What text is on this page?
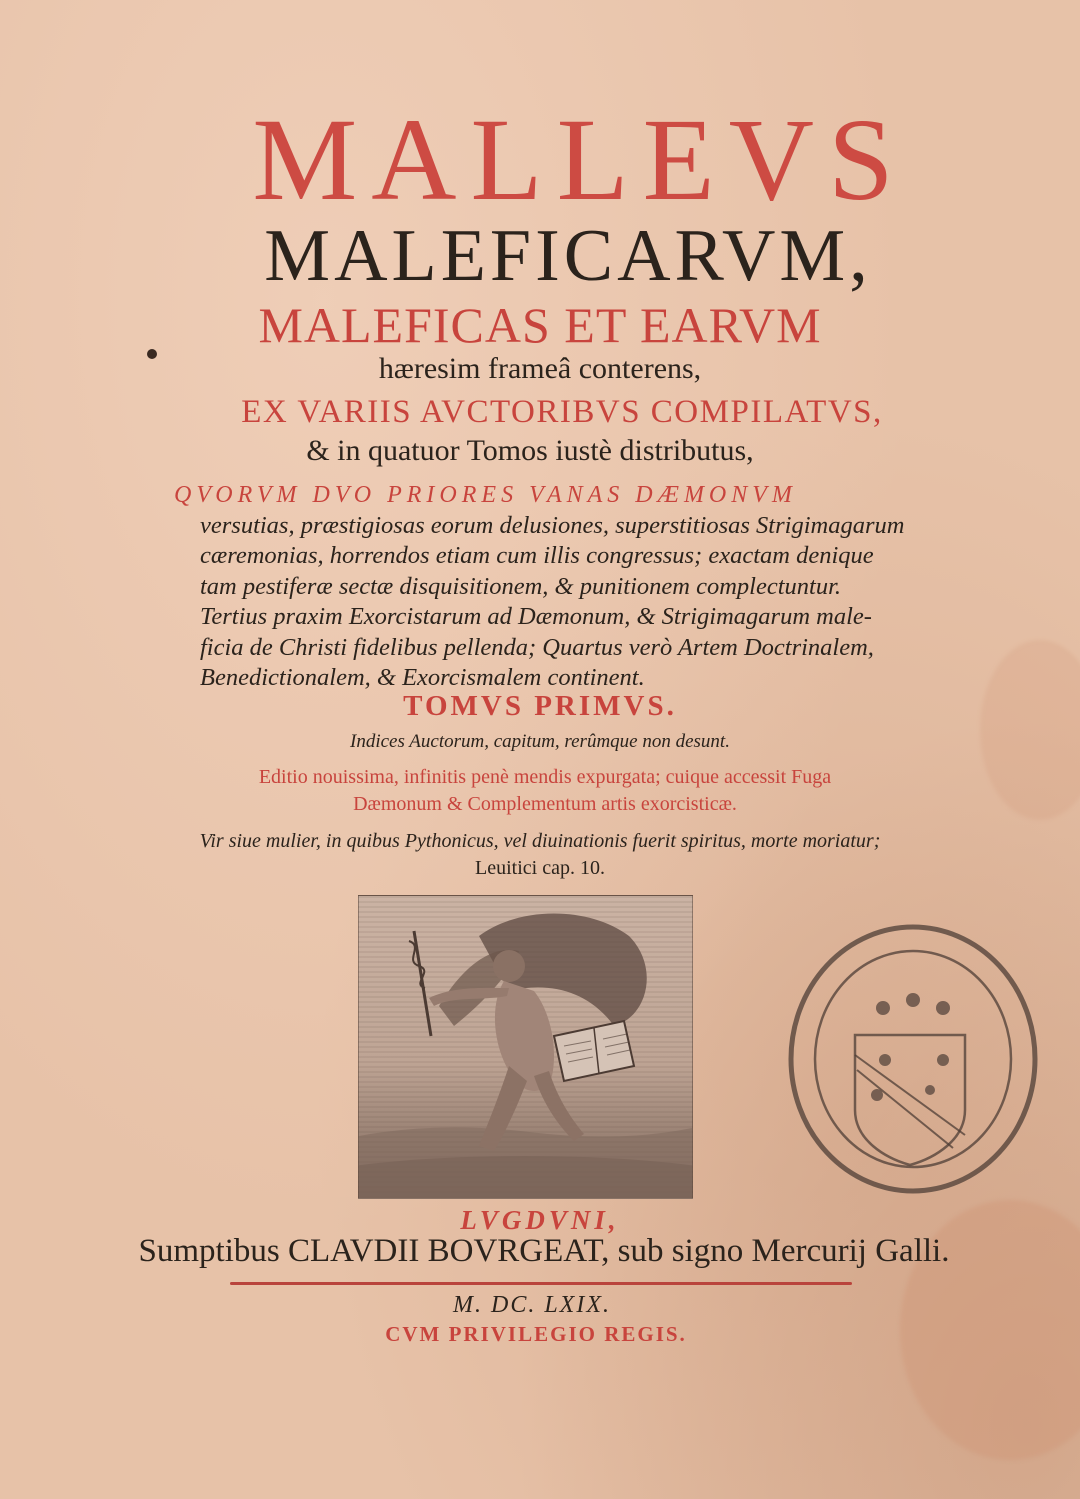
MALLEVS
MALEFICARVM,
MALEFICAS ET EARVM
hæresim frameâ conterens,
EX VARIIS AVCTORIBVS COMPILATVS,
& in quatuor Tomos iustè distributus,
QVORVM DVO PRIORES VANAS DÆMONVM
versutias, præstigiosas eorum delusiones, superstitiosas Strigimagarum
cæremonias, horrendos etiam cum illis congressus; exactam denique
tam pestiferæ sectæ disquisitionem, & punitionem complectuntur.
Tertius praxim Exorcistarum ad Dæmonum, & Strigimagarum male-
ficia de Christi fidelibus pellenda; Quartus verò Artem Doctrinalem,
Benedictionalem, & Exorcismalem continent.
TOMVS PRIMVS.
Indices Auctorum, capitum, rerûmque non desunt.
Editio nouissima, infinitis penè mendis expurgata; cuique accessit Fuga
Dæmonum & Complementum artis exorcisticæ.
Vir siue mulier, in quibus Pythonicus, vel diuinationis fuerit spiritus, morte moriatur;
Leuitici cap. 10.
LVGDVNI,
Sumptibus CLAVDII BOVRGEAT, sub signo Mercurij Galli.
M. DC. LXIX.
CVM PRIVILEGIO REGIS.
